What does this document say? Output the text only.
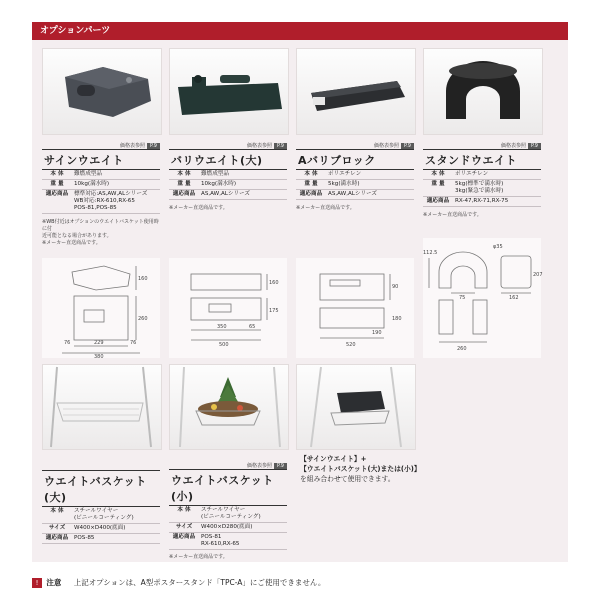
オプションパーツ
価格表参照 P.9
サインウエイト
本 体	難燃成型品
重 量	10kg(満水時)
適応商品	標準対応:AS,AW,ALシリーズ
WB対応:RX-610,RX-65
POS-81,POS-85
※WB付近はオプションのウエイトバスケット使用時に付
近可能となる場合があります。
※メーカー直送商品です。
価格表参照 P.9
バリウエイト(大)
本 体	難燃成型品
重 量	10kg(満水時)
適応商品	AS,AW,ALシリーズ
※メーカー直送商品です。
価格表参照 P.9
Aバリブロック
本 体	ポリエチレン
重 量	5kg(満水時)
適応商品	AS,AW,ALシリーズ
※メーカー直送商品です。
価格表参照 P.9
スタンドウエイト
本 体	ポリエチレン
重 量	5kg(標準で満水時)
3kg(緊急で満水時)
適応商品	RX-47,RX-71,RX-75
※メーカー直送商品です。
160
260
229
76
380
76
160
175
350	65
500
90
180
190
520
φ35
112.5
207
75	162
260
ウエイトバスケット(大)
本 体	スチールワイヤー
(ビニールコーティング)
サイズ	W400×D400(底面)
適応商品	POS-85
価格表参照 P.9
ウエイトバスケット(小)
本 体	スチールワイヤー
(ビニールコーティング)
サイズ	W400×D280(底面)
適応商品	POS-81
RX-610,RX-65
※メーカー直送商品です。
【サインウエイト】+
【ウエイトバスケット(大)または(小)】
を組み合わせて使用できます。
! 注意 上記オプションは、A型ポスタースタンド「TPC-A」にご使用できません。
